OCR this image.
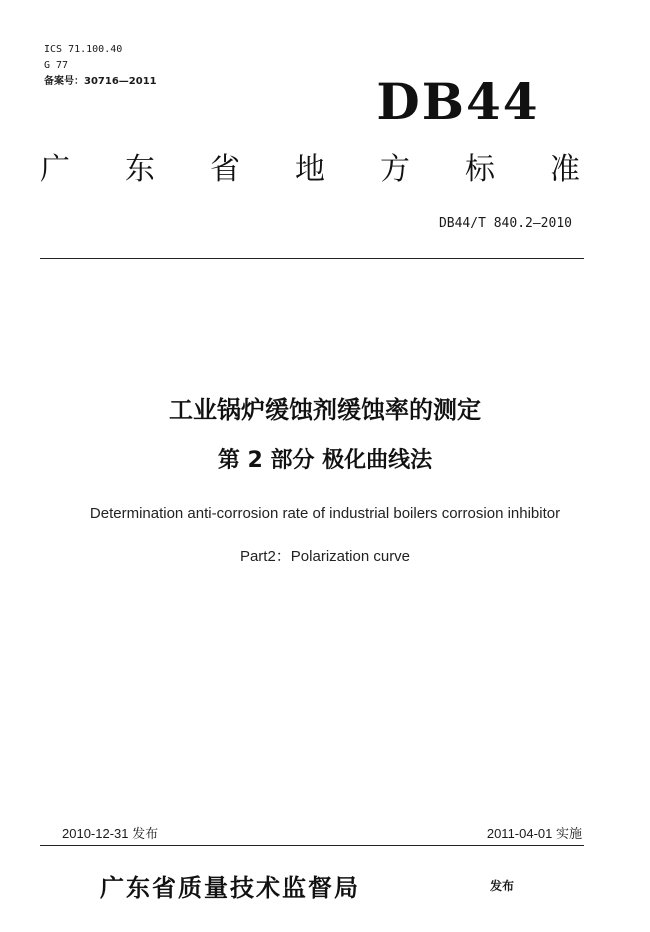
ICS 71.100.40
G 77
备案号：30716—2011	DB44
广 东 省 地 方 标 准
DB44/T 840.2—2010
工业锅炉缓蚀剂缓蚀率的测定
第 2 部分 极化曲线法
Determination anti-corrosion rate of industrial boilers corrosion inhibitor
Part2：Polarization curve
2010-12-31 发布	2011-04-01 实施
广东省质量技术监督局	发布
